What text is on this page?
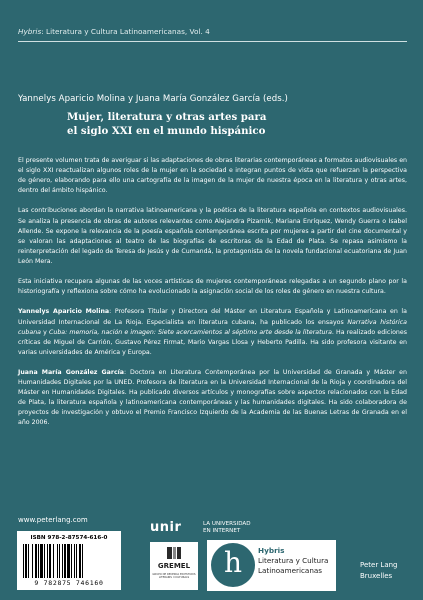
Hybris: Literatura y Cultura Latinoamericanas, Vol. 4
Yannelys Aparicio Molina y Juana María González García (eds.)
Mujer, literatura y otras artes para
el siglo XXI en el mundo hispánico

El presente volumen trata de averiguar si las adaptaciones de obras literarias contemporáneas a formatos audiovisuales en el siglo XXI reactualizan algunos roles de la mujer en la sociedad e integran puntos de vista que refuerzan la perspectiva de género, elaborando para ello una cartografía de la imagen de la mujer de nuestra época en la literatura y otras artes, dentro del ámbito hispánico.

Las contribuciones abordan la narrativa latinoamericana y la poética de la literatura española en contextos audiovisuales. Se analiza la presencia de obras de autores relevantes como Alejandra Pizarnik, Mariana Enríquez, Wendy Guerra o Isabel Allende. Se expone la relevancia de la poesía española contemporánea escrita por mujeres a partir del cine documental y se valoran las adaptaciones al teatro de las biografías de escritoras de la Edad de Plata. Se repasa asimismo la reinterpretación del legado de Teresa de Jesús y de Cumandá, la protagonista de la novela fundacional ecuatoriana de Juan León Mera.

Esta iniciativa recupera algunas de las voces artísticas de mujeres contemporáneas relegadas a un segundo plano por la historiografía y reflexiona sobre cómo ha evolucionado la asignación social de los roles de género en nuestra cultura.

Yannelys Aparicio Molina: Profesora Titular y Directora del Máster en Literatura Española y Latinoamericana en la Universidad Internacional de La Rioja. Especialista en literatura cubana, ha publicado los ensayos Narrativa histórica cubana y Cuba: memoria, nación e imagen: Siete acercamientos al séptimo arte desde la literatura. Ha realizado ediciones críticas de Miguel de Carrión, Gustavo Pérez Firmat, Mario Vargas Llosa y Heberto Padilla. Ha sido profesora visitante en varias universidades de América y Europa.

Juana María González García: Doctora en Literatura Contemporánea por la Universidad de Granada y Máster en Humanidades Digitales por la UNED. Profesora de literatura en la Universidad Internacional de la Rioja y coordinadora del Máster en Humanidades Digitales. Ha publicado diversos artículos y monografías sobre aspectos relacionados con la Edad de Plata, la literatura española y latinoamericana contemporáneas y las humanidades digitales. Ha sido colaboradora de proyectos de investigación y obtuvo el Premio Francisco Izquierdo de la Academia de las Buenas Letras de Granada en el año 2006.

www.peterlang.com
ISBN 978-2-87574-616-0
9 782875 746160
unir	LA UNIVERSIDAD
EN INTERNET
GREMEL
GRUPO DE RECERCA EN ESTUDIS LITERARIS I CULTURALS	h	Hybris
Literatura y Cultura
Latinoamericanas
Peter Lang
Bruxelles
